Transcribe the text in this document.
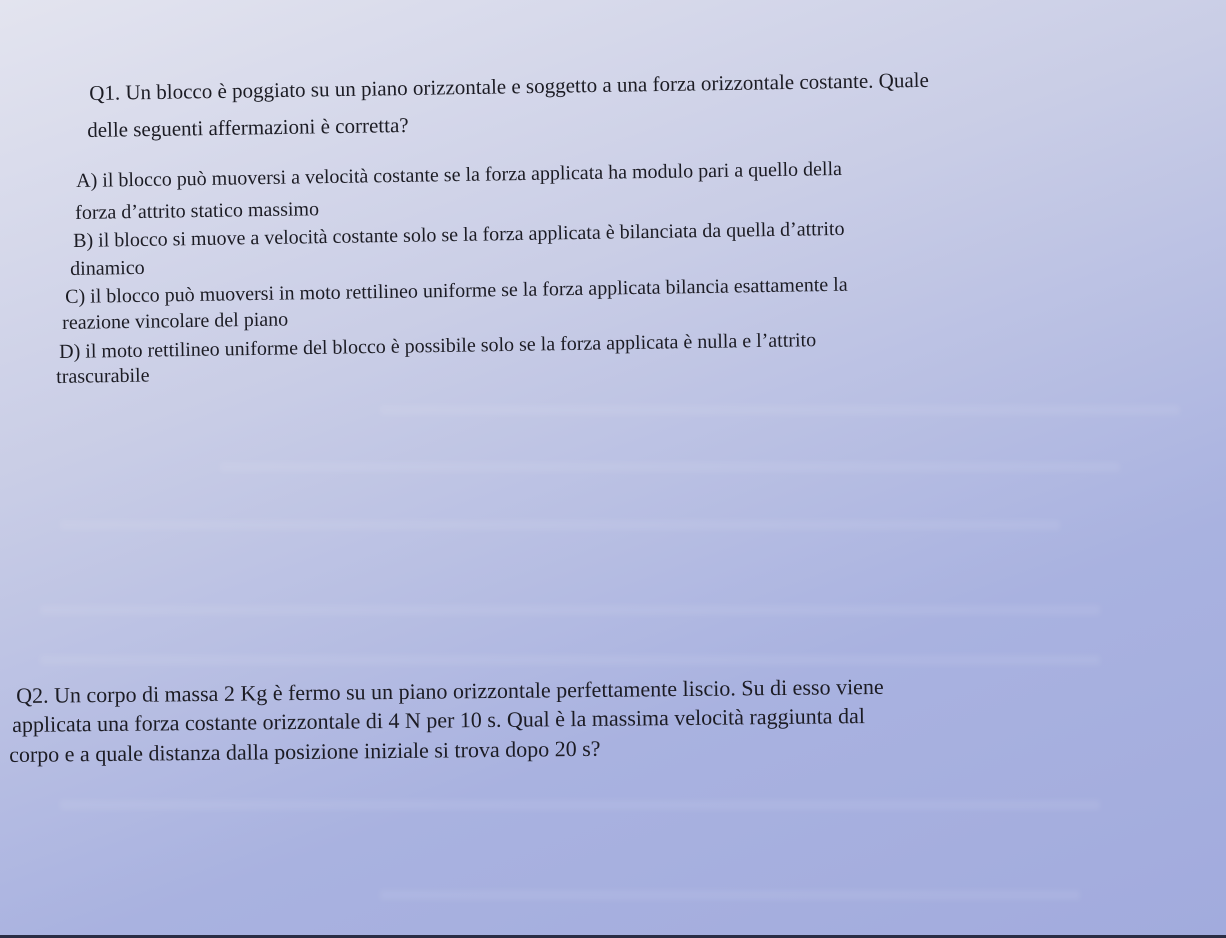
Q1. Un blocco è poggiato su un piano orizzontale e soggetto a una forza orizzontale costante. Quale
delle seguenti affermazioni è corretta?
A) il blocco può muoversi a velocità costante se la forza applicata ha modulo pari a quello della
forza d’attrito statico massimo
B) il blocco si muove a velocità costante solo se la forza applicata è bilanciata da quella d’attrito
dinamico
C) il blocco può muoversi in moto rettilineo uniforme se la forza applicata bilancia esattamente la
reazione vincolare del piano
D) il moto rettilineo uniforme del blocco è possibile solo se la forza applicata è nulla e l’attrito
trascurabile
Q2. Un corpo di massa 2 Kg è fermo su un piano orizzontale perfettamente liscio. Su di esso viene
applicata una forza costante orizzontale di 4 N per 10 s. Qual è la massima velocità raggiunta dal
corpo e a quale distanza dalla posizione iniziale si trova dopo 20 s?
